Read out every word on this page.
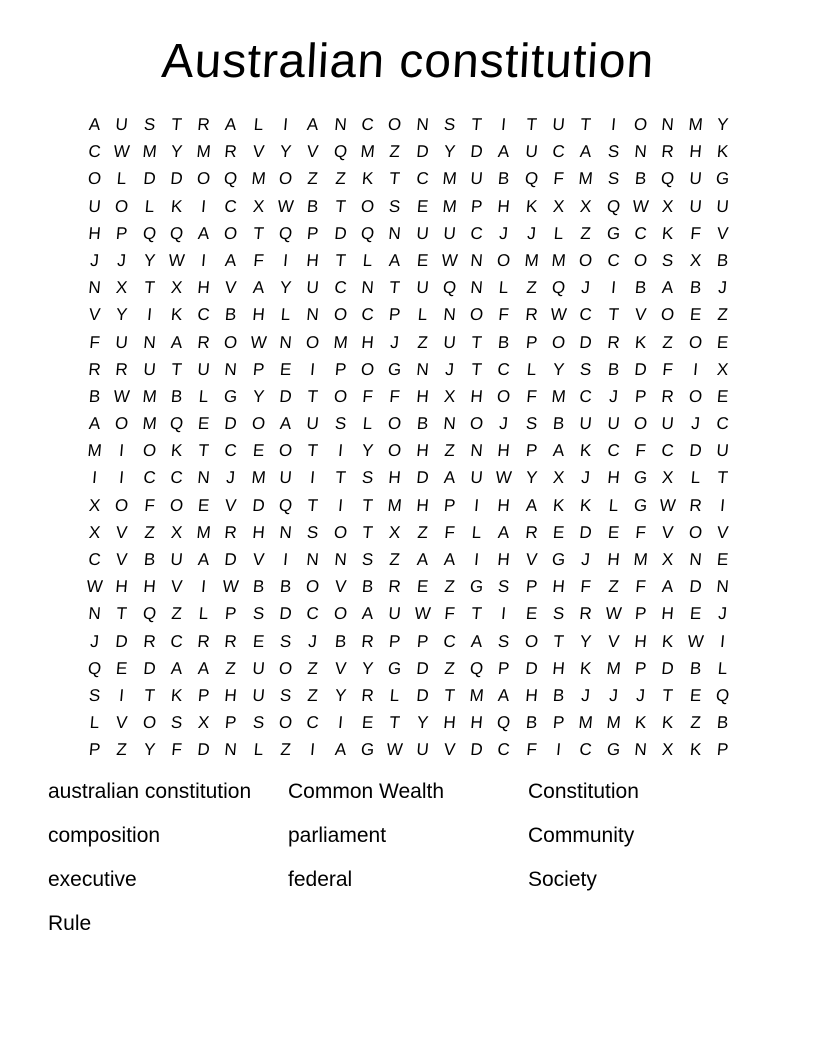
Australian constitution
A U S T R A L	I	A N C O N S T	I	T U T	I O N M Y
C W M Y M R V Y V Q M Z D Y D A U C A S N R H K
O L D D O Q M O Z Z K T C M U B Q F M S B Q U G
U O L K	I	C X W B T O S E M P H K X X Q W X U U
H P Q Q A O T Q P D Q N U U C J	J L Z G C K F V
J	J Y W I	A F	I	H T L A E W N O M M O C O S X B
N X T X H V A Y U C N T U Q N L Z Q J	I	B A B J
V Y	I	K C B H L N O C P L N O F R W C T V O E Z
F U N A R O W N O M H J Z U T B P O D R K Z O E
R R U T U N P E	I	P O G N J T C L Y S B D F	I	X
B W M B L G Y D T O F F H X H O F M C J P R O E
A O M Q E D O A U S L O B N O J S B U U O U J C
M I O K T C E O T	I	Y O H Z N H P A K C F C D U
I	I	C C N J M U	I	T S H D A U W Y X J H G X L T
X O F O E V D Q T	I	T M H P	I	H A K K L G W R	I
X V Z X M R H N S O T X Z F L A R E D E F V O V
C V B U A D V	I	N N S Z A A	I	H V G J H M X N E
W H H V	I W B B O V B R E Z G S P H F Z F A D N
N T Q Z L P S D C O A U W F T	I	E S R W P H E J
J D R C R R E S J B R P P C A S O T Y V H K W I
Q E D A A Z U O Z V Y G D Z Q P D H K M P D B L
S	I	T K P H U S Z Y R L D T M A H B J	J	J T E Q
L V O S X P S O C	I	E T Y H H Q B P M M K K Z B
P Z Y F D N L Z	I	A G W U V D C F	I	C G N X K P
australian constitution
composition
executive
Rule
Common Wealth
parliament
federal
Constitution
Community
Society
